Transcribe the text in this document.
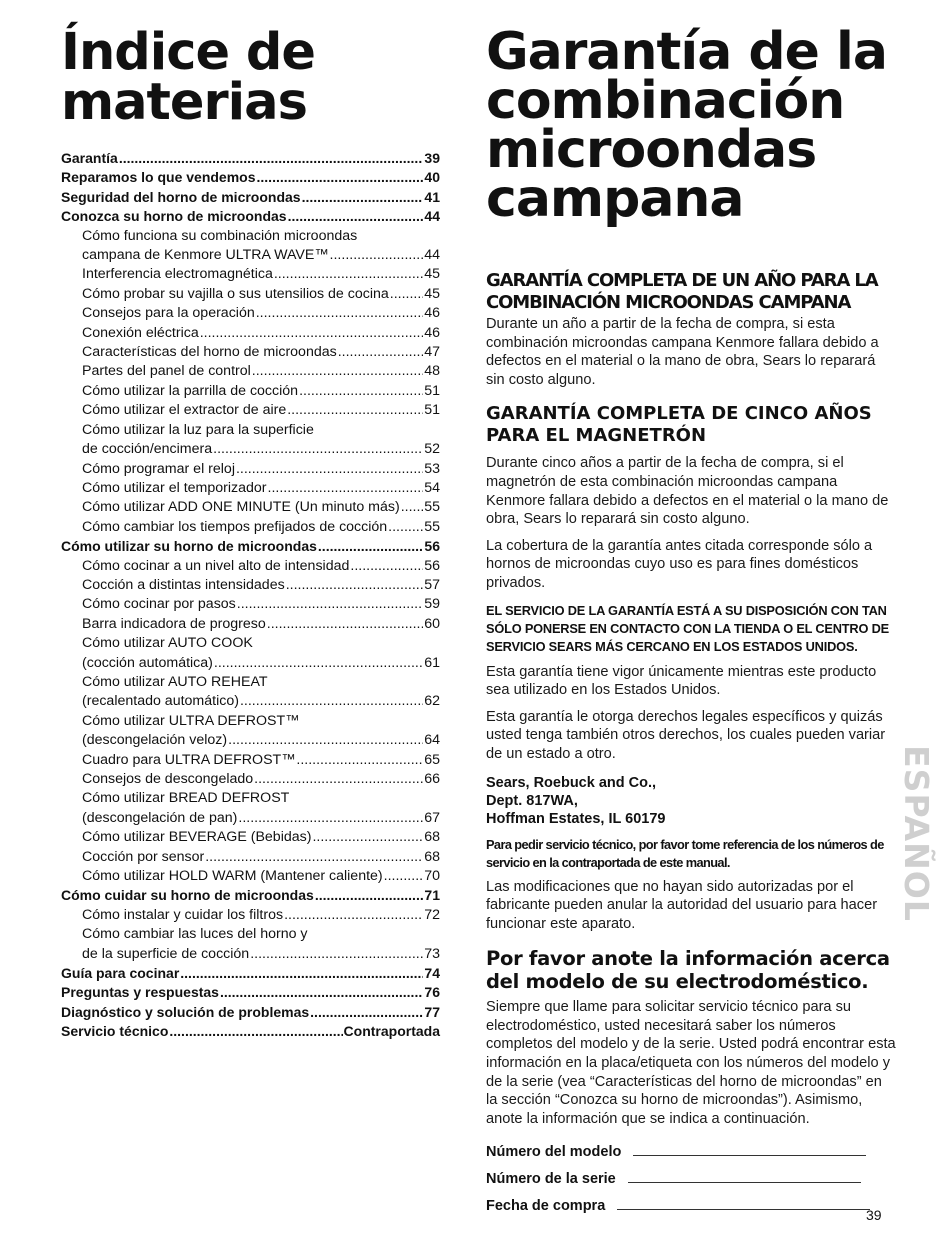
Índice de
materias
Garantía .....	39
Reparamos lo que vendemos .....	40
Seguridad del horno de microondas .....	41
Conozca su horno de microondas .....	44
Cómo funciona su combinación microondas
campana de Kenmore ULTRA WAVE™ .....	44
Interferencia electromagnética .....	45
Cómo probar su vajilla o sus utensilios de cocina ..... 45
Consejos para la operación .....	46
Conexión eléctrica .....	46
Características del horno de microondas .....	47
Partes del panel de control .....	48
Cómo utilizar la parrilla de cocción .....	51
Cómo utilizar el extractor de aire .....	51
Cómo utilizar la luz para la superficie
de cocción/encimera .....	52
Cómo programar el reloj .....	53
Cómo utilizar el temporizador .....	54
Cómo utilizar ADD ONE MINUTE (Un minuto más) ..... 55
Cómo cambiar los tiempos prefijados de cocción .....	55
Cómo utilizar su horno de microondas .....	56
Cómo cocinar a un nivel alto de intensidad .....	56
Cocción a distintas intensidades .....	57
Cómo cocinar por pasos .....	59
Barra indicadora de progreso .....	60
Cómo utilizar AUTO COOK
(cocción automática) .....	61
Cómo utilizar AUTO REHEAT
(recalentado automático) .....	62
Cómo utilizar ULTRA DEFROST™
(descongelación veloz) .....	64
Cuadro para ULTRA DEFROST™ .....	65
Consejos de descongelado .....	66
Cómo utilizar BREAD DEFROST
(descongelación de pan) .....	67
Cómo utilizar BEVERAGE (Bebidas) .....	68
Cocción por sensor .....	68
Cómo utilizar HOLD WARM (Mantener caliente) .....	70
Cómo cuidar su horno de microondas .....	71
Cómo instalar y cuidar los filtros .....	72
Cómo cambiar las luces del horno y
de la superficie de cocción .....	73
Guía para cocinar .....	74
Preguntas y respuestas .....	76
Diagnóstico y solución de problemas .....	77
Servicio técnico .....	Contraportada
Garantía de la
combinación
microondas
campana
GARANTÍA COMPLETA DE UN AÑO PARA LA COMBINACIÓN MICROONDAS CAMPANA

Durante un año a partir de la fecha de compra, si esta combinación microondas campana Kenmore fallara debido a defectos en el material o la mano de obra, Sears lo reparará sin costo alguno.

GARANTÍA COMPLETA DE CINCO AÑOS PARA EL MAGNETRÓN

Durante cinco años a partir de la fecha de compra, si el magnetrón de esta combinación microondas campana Kenmore fallara debido a defectos en el material o la mano de obra, Sears lo reparará sin costo alguno.

La cobertura de la garantía antes citada corresponde sólo a hornos de microondas cuyo uso es para fines domésticos privados.

EL SERVICIO DE LA GARANTÍA ESTÁ A SU DISPOSICIÓN CON TAN SÓLO PONERSE EN CONTACTO CON LA TIENDA O EL CENTRO DE SERVICIO SEARS MÁS CERCANO EN LOS ESTADOS UNIDOS.

Esta garantía tiene vigor únicamente mientras este producto sea utilizado en los Estados Unidos.

Esta garantía le otorga derechos legales específicos y quizás usted tenga también otros derechos, los cuales pueden variar de un estado a otro.

Sears, Roebuck and Co.,

Dept. 817WA,

Hoffman Estates, IL 60179

Para pedir servicio técnico, por favor tome referencia de los números de servicio en la contraportada de este manual.

Las modificaciones que no hayan sido autorizadas por el fabricante pueden anular la autoridad del usuario para hacer funcionar este aparato.

Por favor anote la información acerca del modelo de su electrodoméstico.

Siempre que llame para solicitar servicio técnico para su electrodoméstico, usted necesitará saber los números completos del modelo y de la serie. Usted podrá encontrar esta información en la placa/etiqueta con los números del modelo y de la serie (vea “Características del horno de microondas” en la sección “Conozca su horno de microondas”). Asimismo, anote la información que se indica a continuación.

Número del modelo
Número de la serie
Fecha de compra
ESPAÑOL
39
